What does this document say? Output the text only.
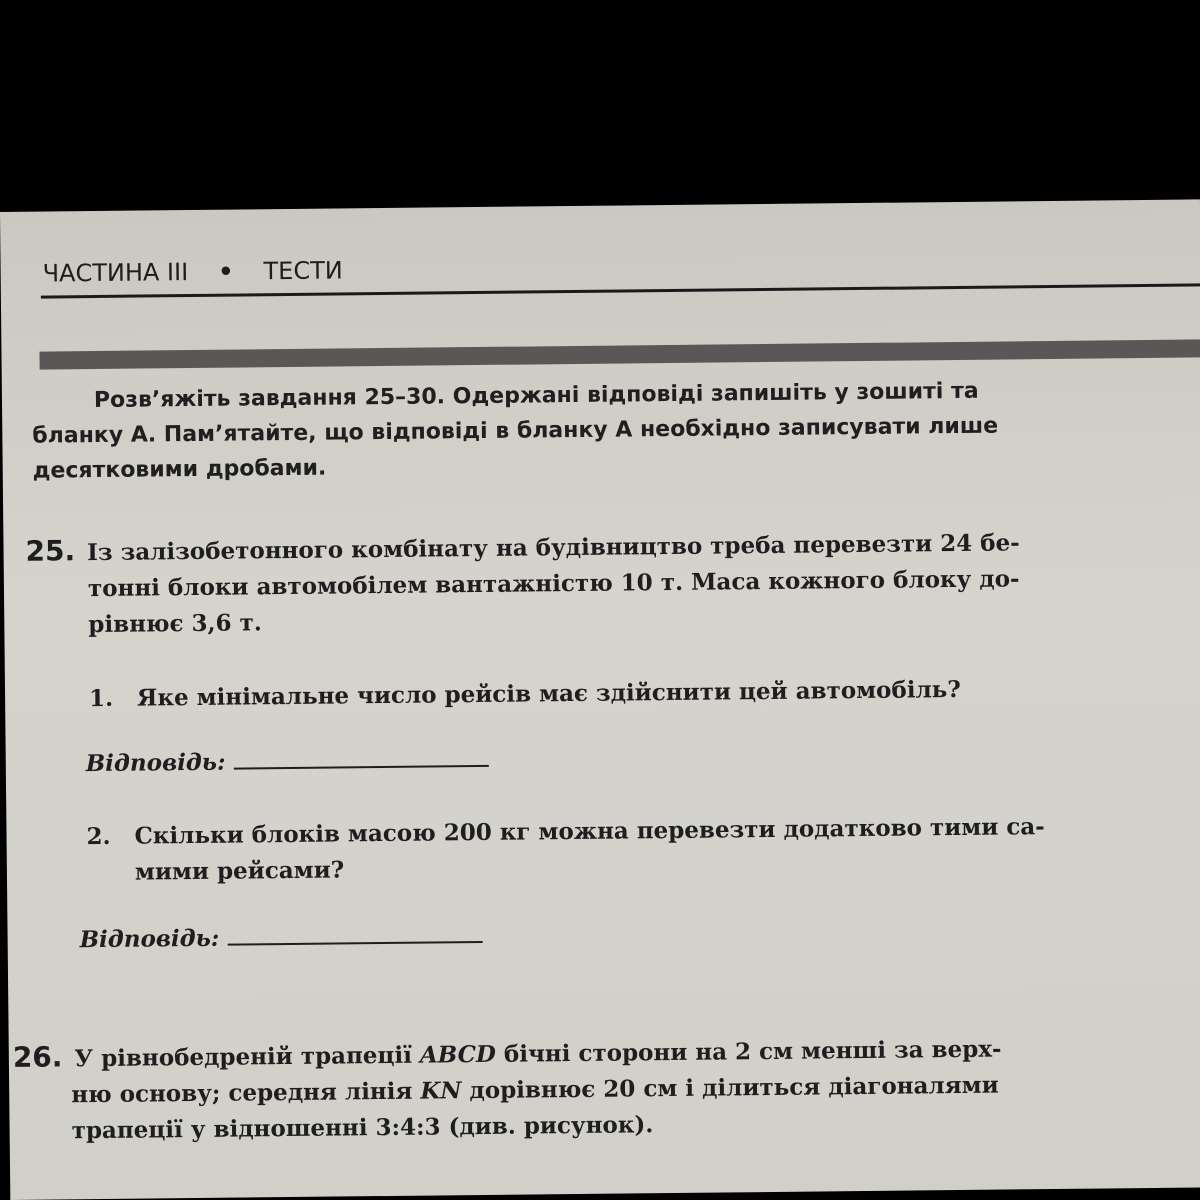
ЧАСТИНА III • ТЕСТИ
Розв’яжіть завдання 25–30. Одержані відповіді запишіть у зошиті та
бланку А. Пам’ятайте, що відповіді в бланку А необхідно записувати лише
десятковими дробами.
25. Із залізобетонного комбінату на будівництво треба перевезти 24 бе-
тонні блоки автомобілем вантажністю 10 т. Маса кожного блоку до-
рівнює 3,6 т.
1. Яке мінімальне число рейсів має здійснити цей автомобіль?
Відповідь:
2. Скільки блоків масою 200 кг можна перевезти додатково тими са-
мими рейсами?
Відповідь:
26. У рівнобедреній трапеції ABCD бічні сторони на 2 см менші за верх-
ню основу; середня лінія KN дорівнює 20 см і ділиться діагоналями
трапеції у відношенні 3:4:3 (див. рисунок).
